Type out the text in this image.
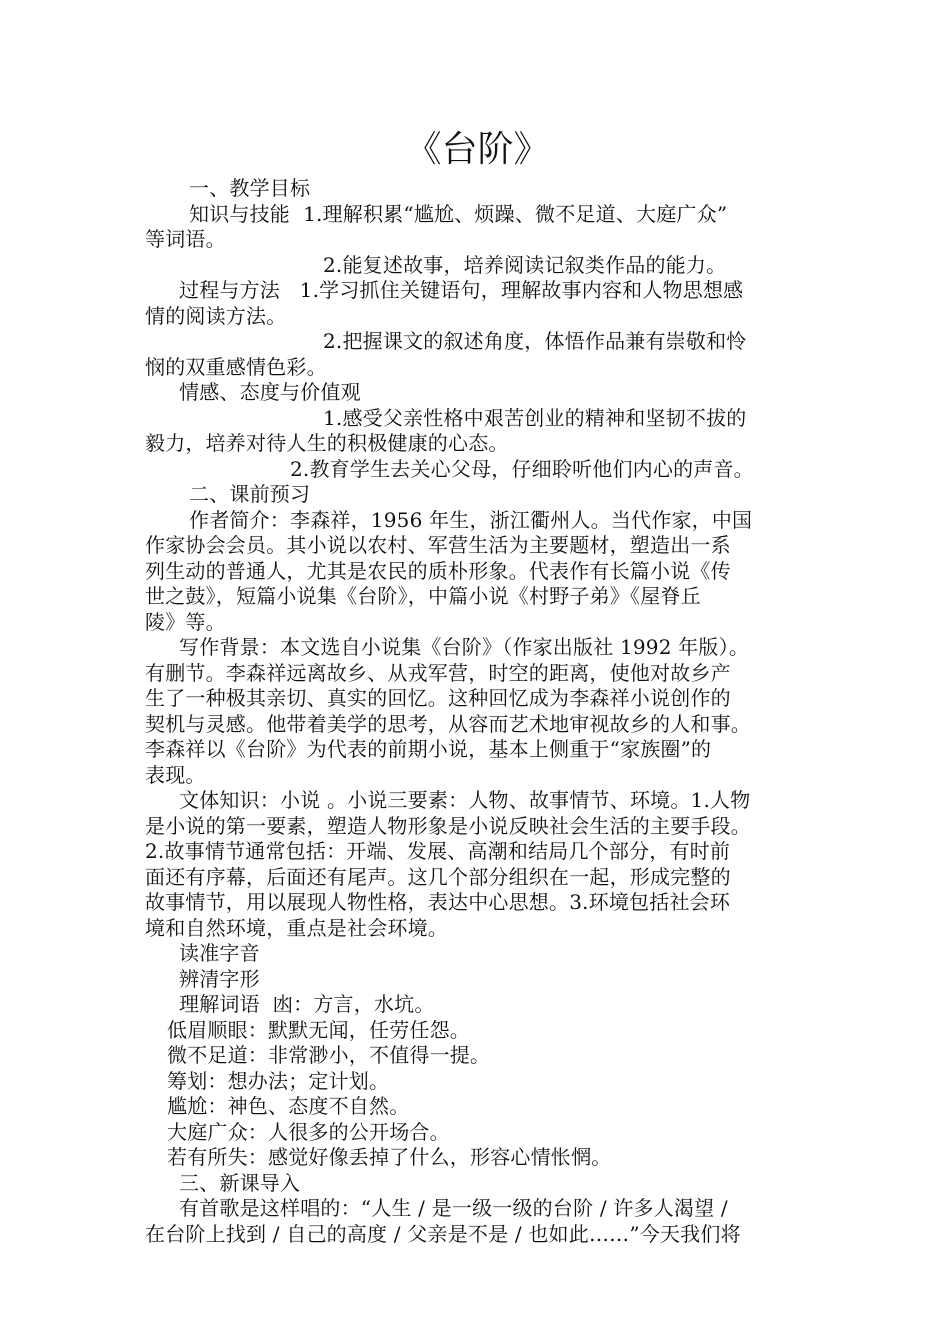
《台阶》

一、教学目标

知识与技能  1.理解积累“尴尬、烦躁、微不足道、大庭广众”

等词语。

2.能复述故事，培养阅读记叙类作品的能力。

过程与方法   1.学习抓住关键语句，理解故事内容和人物思想感

情的阅读方法。

2.把握课文的叙述角度，体悟作品兼有崇敬和怜

悯的双重感情色彩。

情感、态度与价值观

1.感受父亲性格中艰苦创业的精神和坚韧不拔的

毅力，培养对待人生的积极健康的心态。

2.教育学生去关心父母，仔细聆听他们内心的声音。

二、课前预习

作者简介：李森祥，1956 年生，浙江衢州人。当代作家，中国

作家协会会员。其小说以农村、军营生活为主要题材，塑造出一系

列生动的普通人，尤其是农民的质朴形象。代表作有长篇小说《传

世之鼓》，短篇小说集《台阶》，中篇小说《村野子弟》《屋脊丘

陵》等。

写作背景：本文选自小说集《台阶》（作家出版社 1992 年版）。

有删节。李森祥远离故乡、从戎军营，时空的距离，使他对故乡产

生了一种极其亲切、真实的回忆。这种回忆成为李森祥小说创作的

契机与灵感。他带着美学的思考，从容而艺术地审视故乡的人和事。

李森祥以《台阶》为代表的前期小说，基本上侧重于“家族圈”的

表现。

文体知识：小说 。小说三要素：人物、故事情节、环境。1.人物

是小说的第一要素，塑造人物形象是小说反映社会生活的主要手段。

2.故事情节通常包括：开端、发展、高潮和结局几个部分，有时前

面还有序幕，后面还有尾声。这几个部分组织在一起，形成完整的

故事情节，用以展现人物性格，表达中心思想。3.环境包括社会环

境和自然环境，重点是社会环境。

读准字音

辨清字形

理解词语  凼：方言，水坑。

低眉顺眼：默默无闻，任劳任怨。

微不足道：非常渺小，不值得一提。

筹划：想办法；定计划。

尴尬：神色、态度不自然。

大庭广众：人很多的公开场合。

若有所失：感觉好像丢掉了什么，形容心情怅惘。

三、新课导入

有首歌是这样唱的：“人生 / 是一级一级的台阶 / 许多人渴望 /

在台阶上找到 / 自己的高度 / 父亲是不是 / 也如此……”今天我们将
